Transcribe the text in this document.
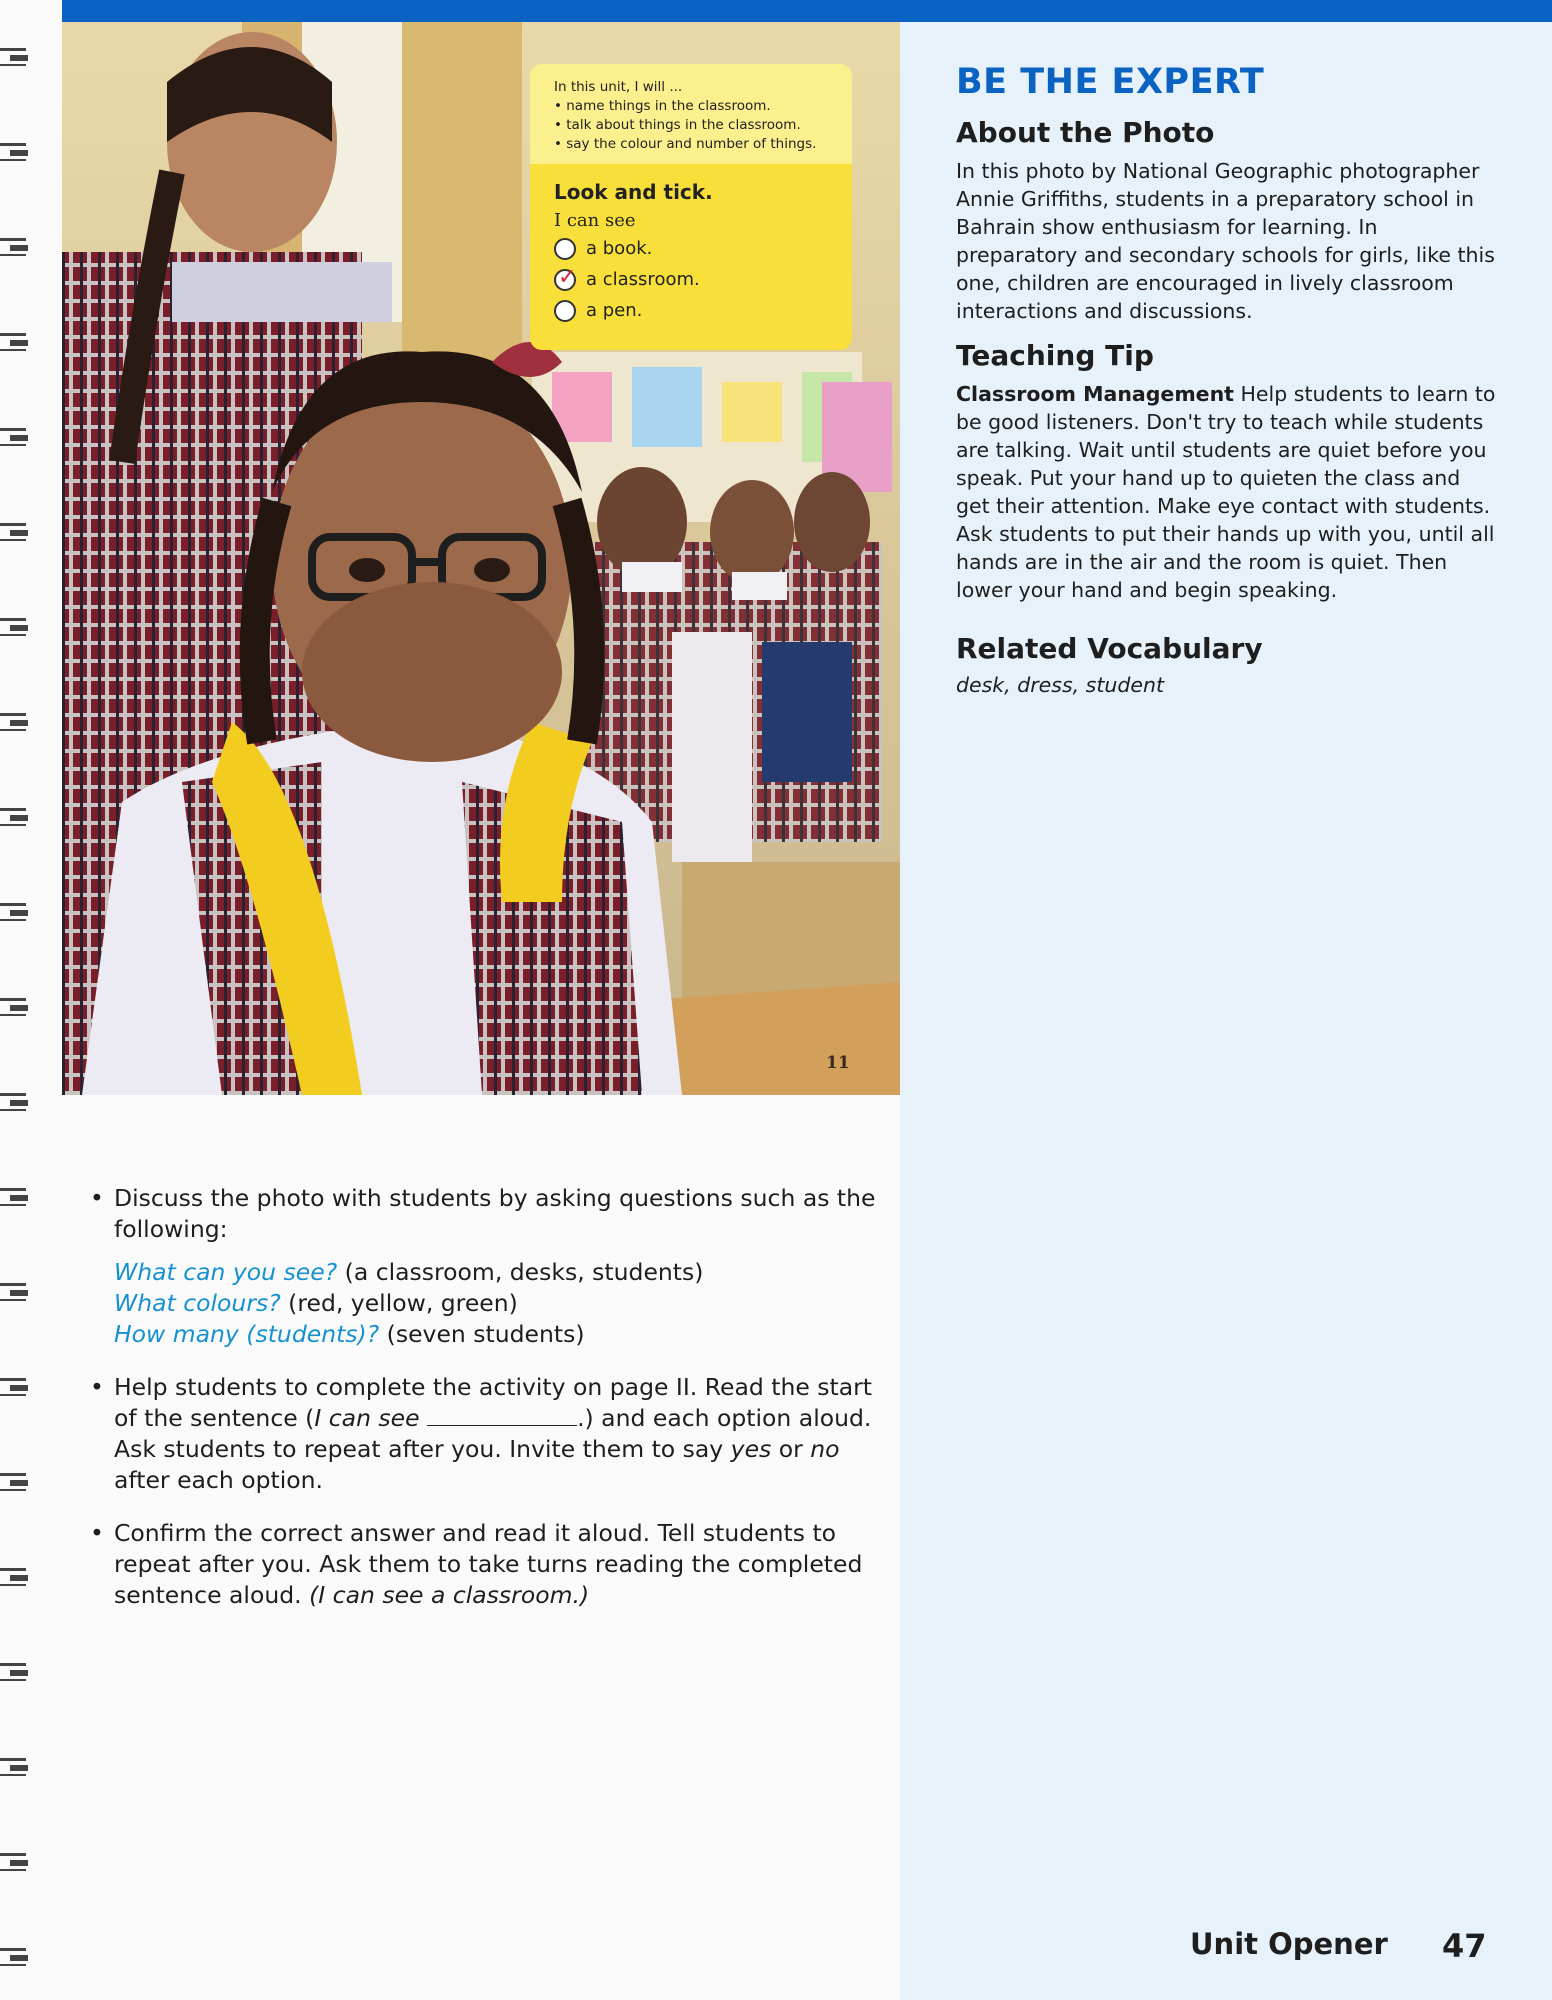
In this unit, I will ...
• name things in the classroom.
• talk about things in the classroom.
• say the colour and number of things.
Look and tick.
I can see
a book.
✓
a classroom.
a pen.
11
BE THE EXPERT
About the Photo

In this photo by National Geographic photographer Annie Griffiths, students in a preparatory school in Bahrain show enthusiasm for learning. In preparatory and secondary schools for girls, like this one, children are encouraged in lively classroom interactions and discussions.

Teaching Tip

Classroom Management Help students to learn to be good listeners. Don't try to teach while students are talking. Wait until students are quiet before you speak. Put your hand up to quieten the class and get their attention. Make eye contact with students. Ask students to put their hands up with you, until all hands are in the air and the room is quiet. Then lower your hand and begin speaking.

Related Vocabulary
desk, dress, student
• Discuss the photo with students by asking questions such as the following:
What can you see? (a classroom, desks, students)
What colours? (red, yellow, green)
How many (students)? (seven students)
• Help students to complete the activity on page II. Read the start of the sentence (I can see	.) and each option aloud. Ask students to repeat after you. Invite them to say yes or no after each option.
• Confirm the correct answer and read it aloud. Tell students to repeat after you. Ask them to take turns reading the completed sentence aloud. (I can see a classroom.)
Unit Opener 47
